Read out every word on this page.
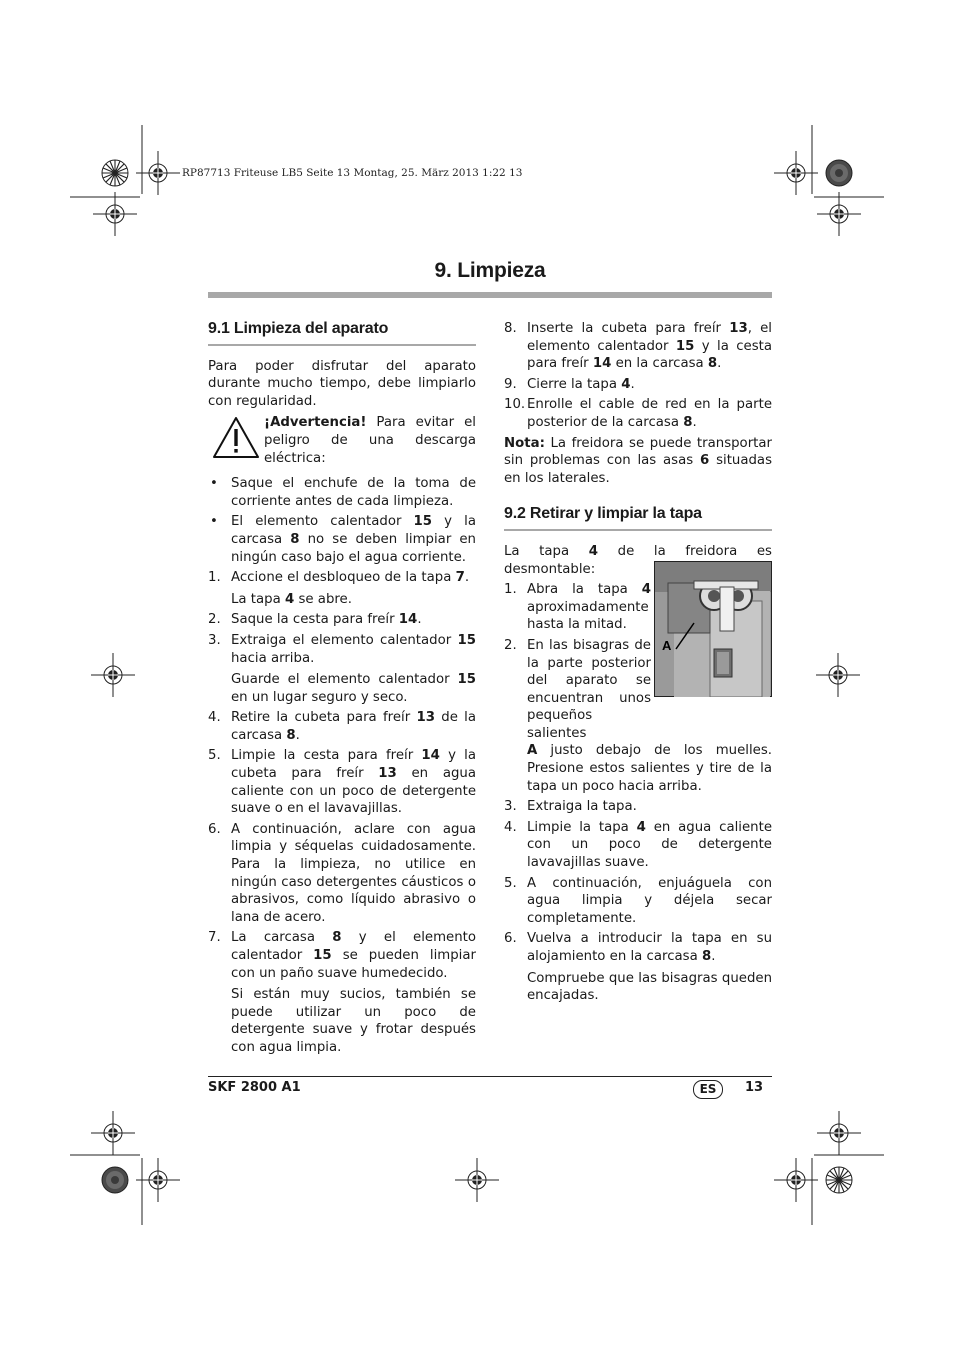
RP87713 Friteuse LB5 Seite 13 Montag, 25. März 2013 1:22 13
9. Limpieza
9.1 Limpieza del aparato

Para poder disfrutar del aparato durante mucho tiempo, debe limpiarlo con regularidad.

¡Advertencia! Para evitar el peligro de una descarga eléctrica:

• Saque el enchufe de la toma de corriente antes de cada limpieza.
• El elemento calentador 15 y la carcasa 8 no se deben limpiar en ningún caso bajo el agua corriente.
1. Accione el desbloqueo de la tapa 7.
La tapa 4 se abre.
2. Saque la cesta para freír 14.
3. Extraiga el elemento calentador 15 hacia arriba.
Guarde el elemento calentador 15 en un lugar seguro y seco.
4. Retire la cubeta para freír 13 de la carcasa 8.
5. Limpie la cesta para freír 14 y la cubeta para freír 13 en agua caliente con un poco de detergente suave o en el lavavajillas.
6. A continuación, aclare con agua limpia y séquelas cuidadosamente. Para la limpieza, no utilice en ningún caso detergentes cáusticos o abrasivos, como líquido abrasivo o lana de acero.
7. La carcasa 8 y el elemento calentador 15 se pueden limpiar con un paño suave humedecido.
Si están muy sucios, también se puede utilizar un poco de detergente suave y frotar después con agua limpia.
8. Inserte la cubeta para freír 13, el elemento calentador 15 y la cesta para freír 14 en la carcasa 8.
9. Cierre la tapa 4.
10. Enrolle el cable de red en la parte posterior de la carcasa 8.

Nota: La freidora se puede transportar sin problemas con las asas 6 situadas en los laterales.

9.2 Retirar y limpiar la tapa

La tapa 4 de la freidora es desmontable:

1. Abra la tapa 4 aproximadamente hasta la mitad.
2. En las bisagras de la parte posterior del aparato se encuentran unos pequeños salientes
A justo debajo de los muelles. Presione estos salientes y tire de la tapa un poco hacia arriba.
3. Extraiga la tapa.
4. Limpie la tapa 4 en agua caliente con un poco de detergente lavavajillas suave.
5. A continuación, enjuáguela con agua limpia y déjela secar completamente.
6. Vuelva a introducir la tapa en su alojamiento en la carcasa 8.
Compruebe que las bisagras queden encajadas.
A
SKF 2800 A1	ES	13
